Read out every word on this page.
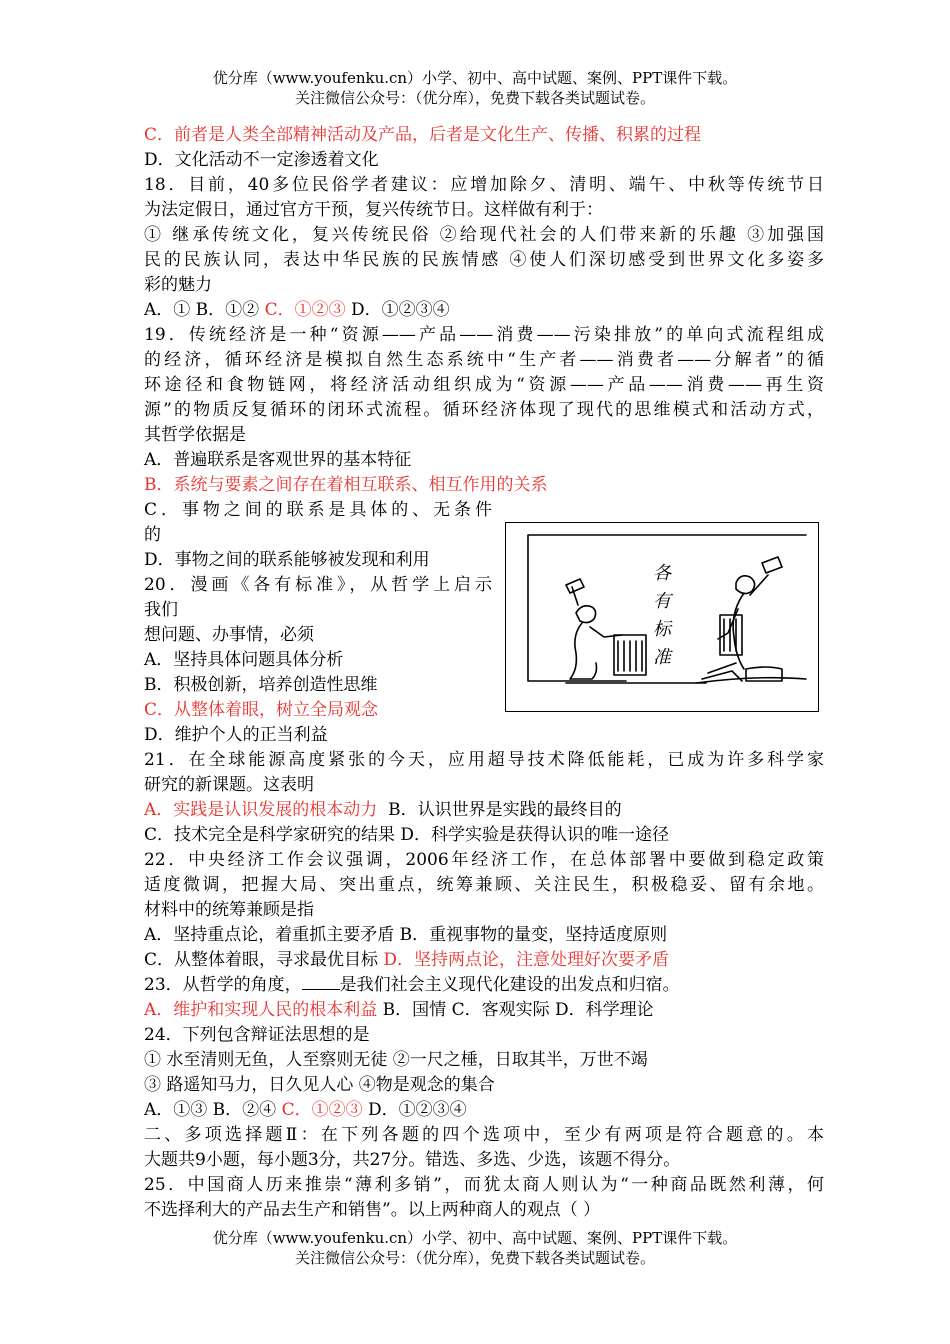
优分库（www.youfenku.cn）小学、初中、高中试题、案例、PPT课件下载。
关注微信公众号：（优分库），免费下载各类试题试卷。
C．前者是人类全部精神活动及产品，后者是文化生产、传播、积累的过程
D．文化活动不一定渗透着文化
18．目前，40多位民俗学者建议：应增加除夕、清明、端午、中秋等传统节日
为法定假日，通过官方干预，复兴传统节日。这样做有利于：
① 继承传统文化，复兴传统民俗 ②给现代社会的人们带来新的乐趣 ③加强国
民的民族认同，表达中华民族的民族情感 ④使人们深切感受到世界文化多姿多
彩的魅力
A．① B．①② C．①②③ D．①②③④
19．传统经济是一种“资源——产品——消费——污染排放”的单向式流程组成
的经济，循环经济是模拟自然生态系统中“生产者——消费者——分解者”的循
环途径和食物链网，将经济活动组织成为“资源——产品——消费——再生资
源”的物质反复循环的闭环式流程。循环经济体现了现代的思维模式和活动方式，
其哲学依据是
A．普遍联系是客观世界的基本特征
B．系统与要素之间存在着相互联系、相互作用的关系
C．事物之间的联系是具体的、无条件
的
D．事物之间的联系能够被发现和利用
20．漫画《各有标准》，从哲学上启示
我们
想问题、办事情，必须
A．坚持具体问题具体分析
B．积极创新，培养创造性思维
C．从整体着眼，树立全局观念
D．维护个人的正当利益
21．在全球能源高度紧张的今天，应用超导技术降低能耗，已成为许多科学家
研究的新课题。这表明
A．实践是认识发展的根本动力  B．认识世界是实践的最终目的
C．技术完全是科学家研究的结果 D．科学实验是获得认识的唯一途径
22．中央经济工作会议强调，2006年经济工作，在总体部署中要做到稳定政策
适度微调，把握大局、突出重点，统筹兼顾、关注民生，积极稳妥、留有余地。
材料中的统筹兼顾是指
A．坚持重点论，着重抓主要矛盾 B．重视事物的量变，坚持适度原则
C．从整体着眼，寻求最优目标 D．坚持两点论，注意处理好次要矛盾
23．从哲学的角度， 是我们社会主义现代化建设的出发点和归宿。
A．维护和实现人民的根本利益 B．国情 C．客观实际 D．科学理论
24．下列包含辩证法思想的是
① 水至清则无鱼，人至察则无徒 ②一尺之棰，日取其半，万世不竭
③ 路遥知马力，日久见人心 ④物是观念的集合
A．①③ B．②④ C．①②③ D．①②③④
二、多项选择题Ⅱ：在下列各题的四个选项中，至少有两项是符合题意的。本
大题共9小题，每小题3分，共27分。错选、多选、少选，该题不得分。
25．中国商人历来推崇“薄利多销”，而犹太商人则认为“一种商品既然利薄，何
不选择利大的产品去生产和销售”。以上两种商人的观点（ ）
各
有
标
准
优分库（www.youfenku.cn）小学、初中、高中试题、案例、PPT课件下载。
关注微信公众号：（优分库），免费下载各类试题试卷。
